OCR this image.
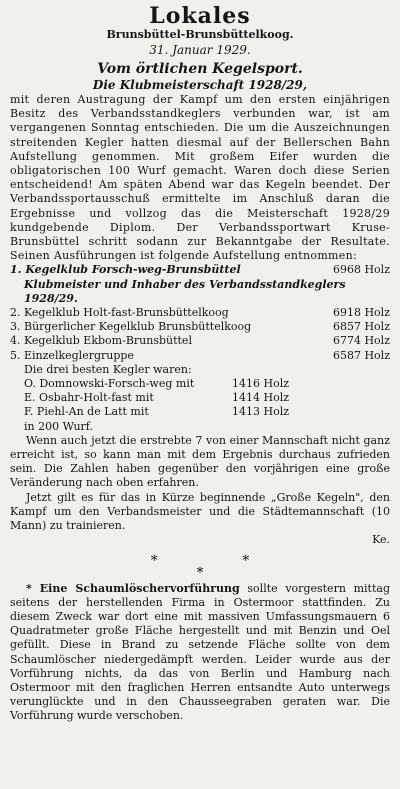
Lokales
Brunsbüttel-Brunsbüttelkoog.
31. Januar 1929.
Vom örtlichen Kegelsport.
Die Klubmeisterschaft 1928/29,

mit deren Austragung der Kampf um den ersten einjährigen Besitz des Verbandsstandkeglers verbunden war, ist am vergangenen Sonntag entschieden. Die um die Auszeichnungen streitenden Kegler hatten diesmal auf der Bellerschen Bahn Aufstellung genommen. Mit großem Eifer wurden die obligatorischen 100 Wurf gemacht. Waren doch diese Serien entscheidend! Am späten Abend war das Kegeln beendet. Der Verbandssportausschuß ermittelte im Anschluß daran die Ergebnisse und vollzog das die Meisterschaft 1928/29 kundgebende Diplom. Der Verbandssportwart Kruse-Brunsbüttel schritt sodann zur Bekanntgabe der Resultate. Seinen Ausführungen ist folgende Aufstellung entnommen:

1. Kegelklub Forsch-weg-Brunsbüttel	6968 Holz
Klubmeister und Inhaber des Verbandsstandkeglers 1928/29.
2. Kegelklub Holt-fast-Brunsbüttelkoog	6918 Holz
3. Bürgerlicher Kegelklub Brunsbüttelkoog	6857 Holz
4. Kegelklub Ekbom-Brunsbüttel	6774 Holz
5. Einzelkeglergruppe	6587 Holz
Die drei besten Kegler waren:
O. Domnowski-Forsch-weg mit	1416 Holz
E. Osbahr-Holt-fast mit	1414 Holz
F. Piehl-An de Latt mit	1413 Holz
in 200 Wurf.

Wenn auch jetzt die erstrebte 7 von einer Mannschaft nicht ganz erreicht ist, so kann man mit dem Ergebnis durchaus zufrieden sein. Die Zahlen haben gegenüber den vorjährigen eine große Veränderung nach oben erfahren.

Jetzt gilt es für das in Kürze beginnende „Große Kegeln", den Kampf um den Verbandsmeister und die Städtemannschaft (10 Mann) zu trainieren.

Ke.
* *
*

* Eine Schaumlöschervorführung sollte vorgestern mittag seitens der herstellenden Firma in Ostermoor stattfinden. Zu diesem Zweck war dort eine mit massiven Umfassungsmauern 6 Quadratmeter große Fläche hergestellt und mit Benzin und Oel gefüllt. Diese in Brand zu setzende Fläche sollte von dem Schaumlöscher niedergedämpft werden. Leider wurde aus der Vorführung nichts, da das von Berlin und Hamburg nach Ostermoor mit den fraglichen Herren entsandte Auto unterwegs verunglückte und in den Chausseegraben geraten war. Die Vorführung wurde verschoben.
